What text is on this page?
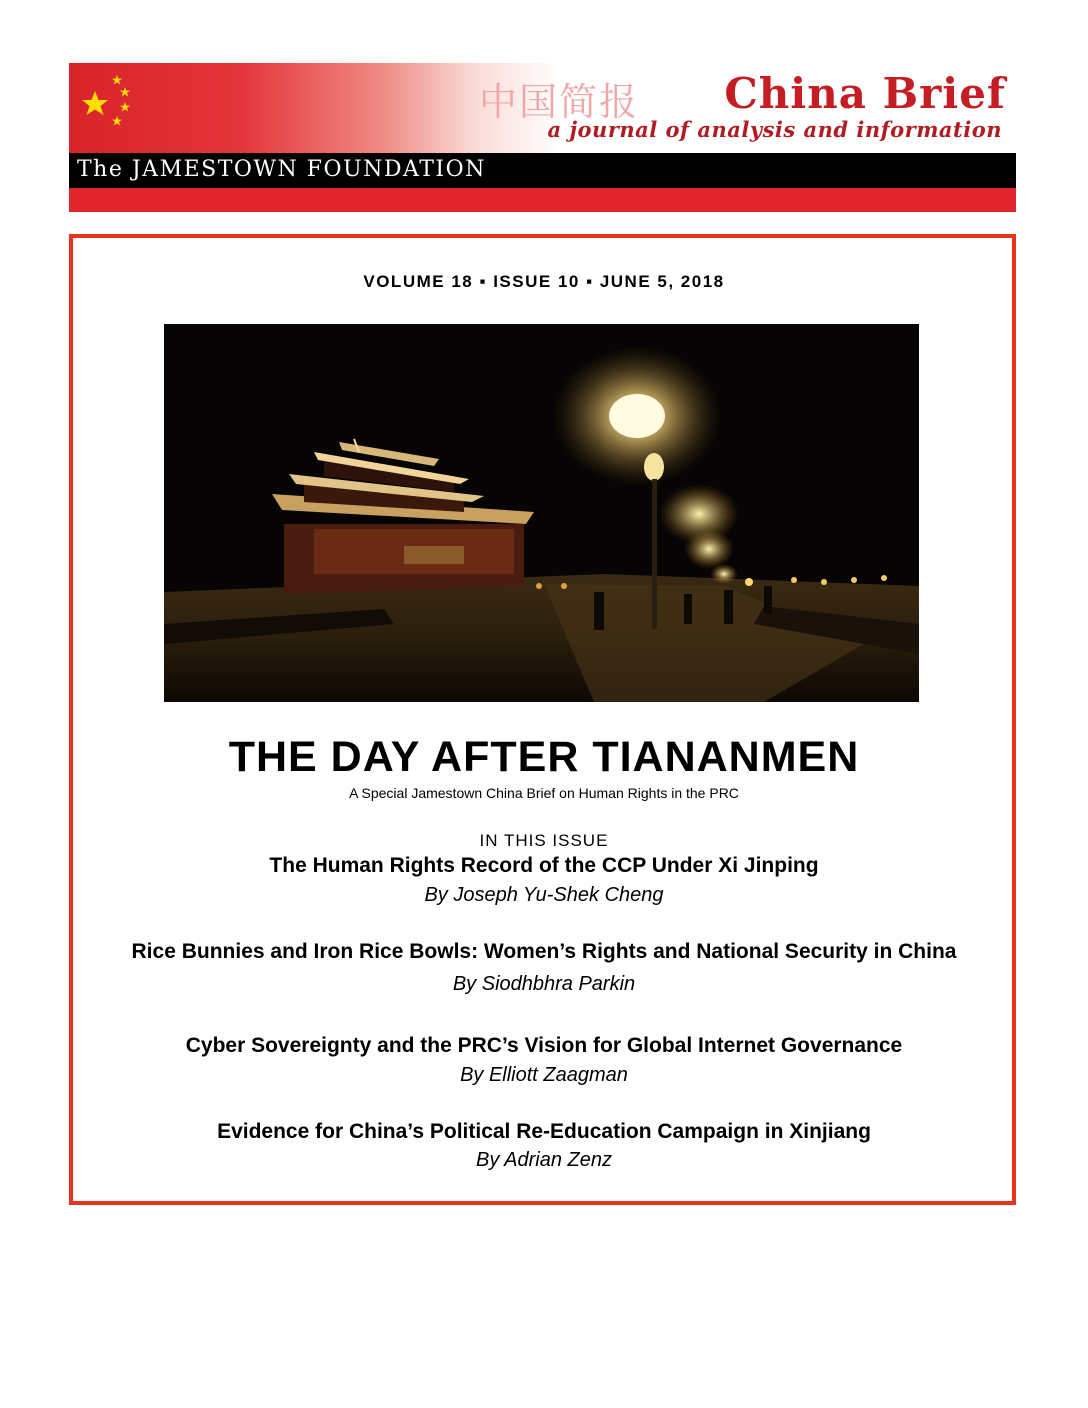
中国简报 China Brief
a journal of analysis and information
The JAMESTOWN FOUNDATION
VOLUME 18 ▪ ISSUE 10 ▪ JUNE 5, 2018
THE DAY AFTER TIANANMEN
A Special Jamestown China Brief on Human Rights in the PRC
IN THIS ISSUE
The Human Rights Record of the CCP Under Xi Jinping
By Joseph Yu-Shek Cheng
Rice Bunnies and Iron Rice Bowls: Women’s Rights and National Security in China
By Siodhbhra Parkin
Cyber Sovereignty and the PRC’s Vision for Global Internet Governance
By Elliott Zaagman
Evidence for China’s Political Re-Education Campaign in Xinjiang
By Adrian Zenz
